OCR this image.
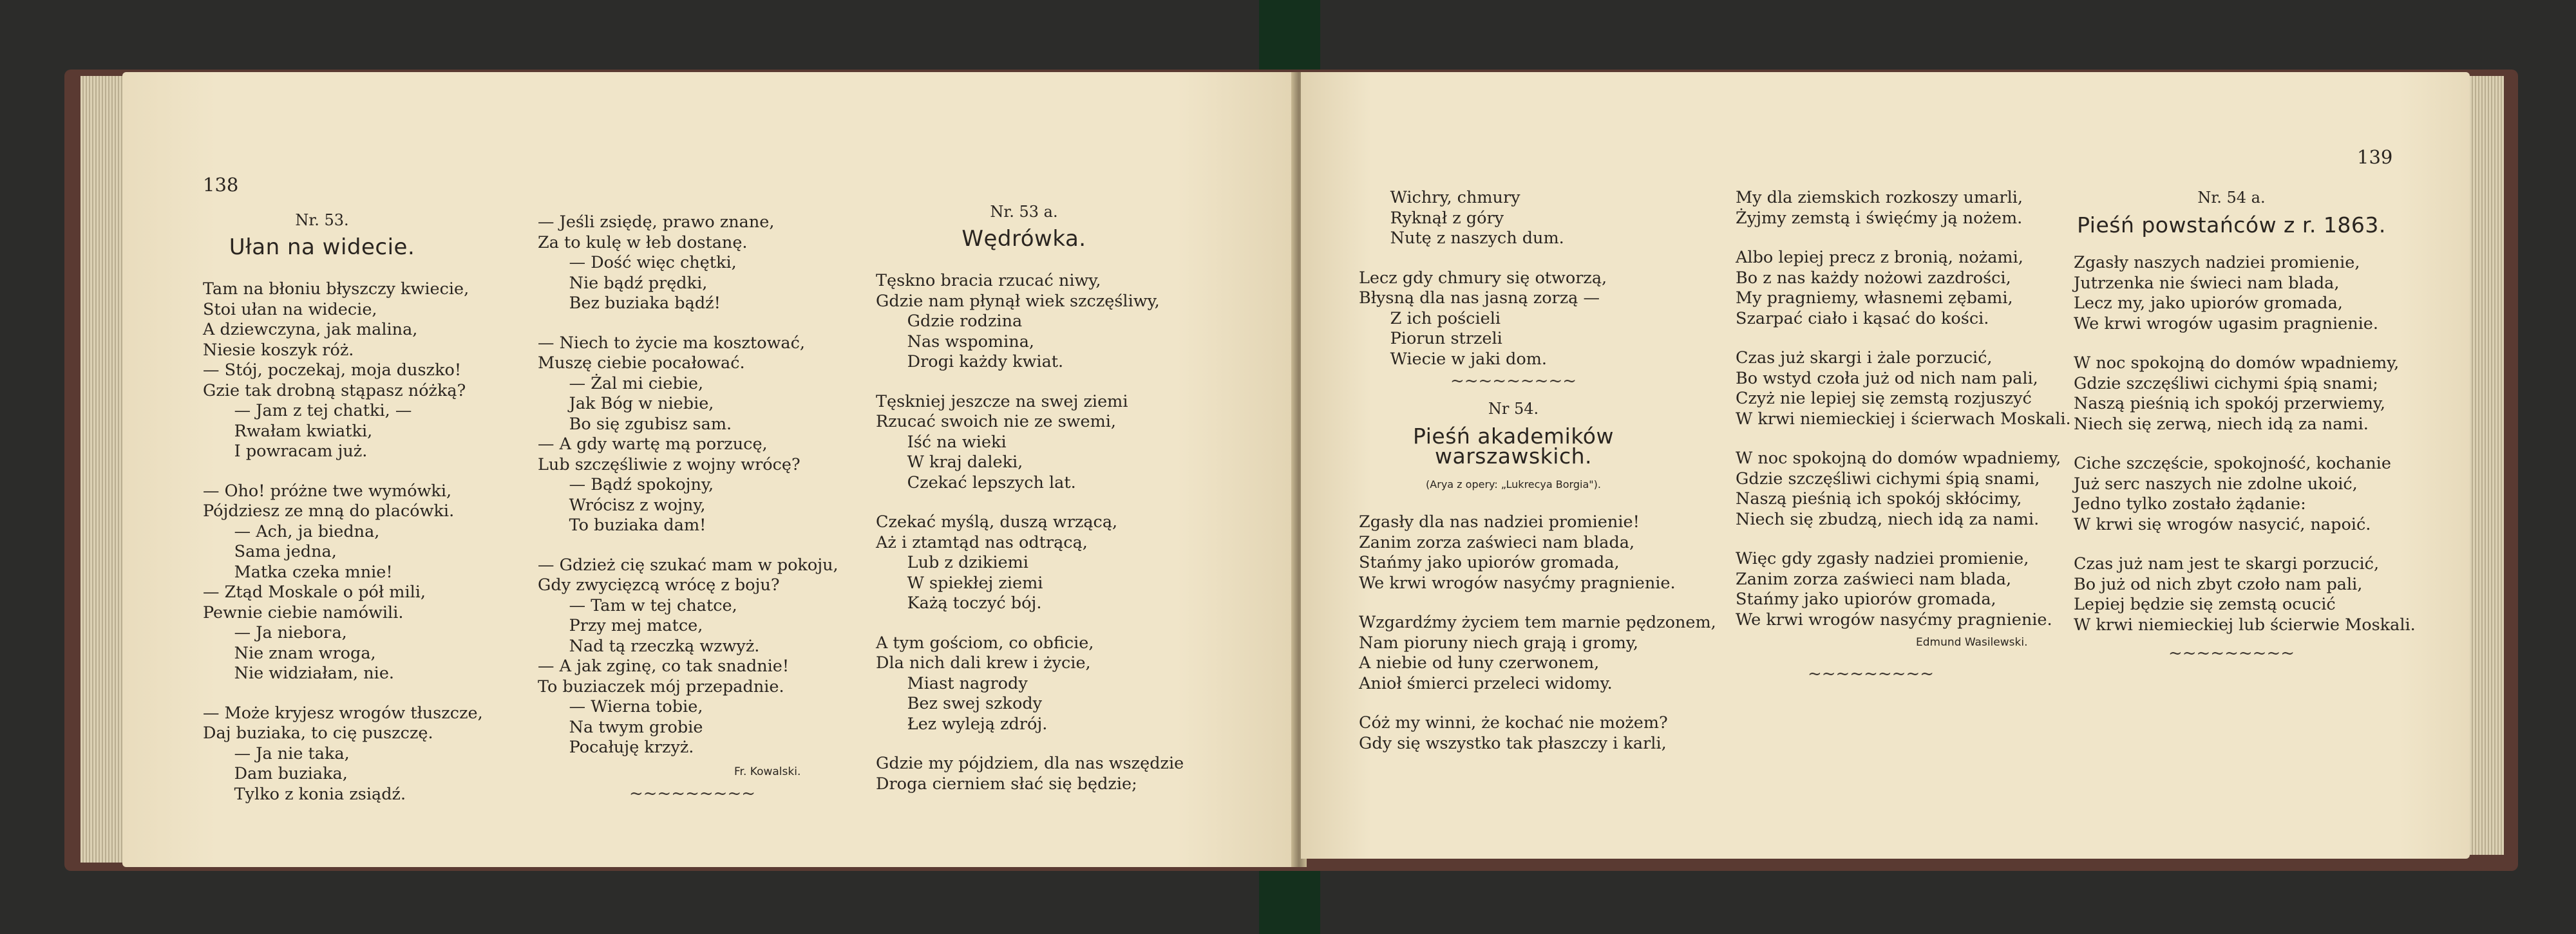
138

Nr. 53.

Ułan na widecie.

Tam na błoniu błyszczy kwiecie,
Stoi ułan na widecie,
A dziewczyna, jak malina,
Niesie koszyk róż.
— Stój, poczekaj, moja duszko!
Gzie tak drobną stąpasz nóżką?
— Jam z tej chatki, —
Rwałam kwiatki,
I powracam już.
— Oho! próżne twe wymówki,
Pójdziesz ze mną do placówki.
— Ach, ja biedna,
Sama jedna,
Matka czeka mnie!
— Ztąd Moskale o pół mili,
Pewnie ciebie namówili.
— Ja niebога,
Nie znam wroga,
Nie widziałam, nie.
— Może kryjesz wrogów tłuszcze,
Daj buziaka, to cię puszczę.
— Ja nie taka,
Dam buziaka,
Tylko z konia zsiądź.
— Jeśli zsiędę, prawo znane,
Za to kulę w łeb dostanę.
— Dość więc chętki,
Nie bądź prędki,
Bez buziaka bądź!
— Niech to życie ma kosztować,
Muszę ciebie pocałować.
— Żal mi ciebie,
Jak Bóg w niebie,
Bo się zgubisz sam.
— A gdy wartę mą porzucę,
Lub szczęśliwie z wojny wrócę?
— Bądź spokojny,
Wrócisz z wojny,
To buziaka dam!
— Gdzież cię szukać mam w pokoju,
Gdy zwycięzcą wrócę z boju?
— Tam w tej chatce,
Przy mej matce,
Nad tą rzeczką wzwyż.
— A jak zginę, co tak snadnie!
To buziaczek mój przepadnie.
— Wierna tobie,
Na twym grobie
Pocałuję krzyż.
Fr. Kowalski.
~~~~~~~~~

Nr. 53 a.

Wędrówka.

Tęskno bracia rzucać niwy,
Gdzie nam płynął wiek szczęśliwy,
Gdzie rodzina
Nas wspomina,
Drogi każdy kwiat.
Tęskniej jeszcze na swej ziemi
Rzucać swoich nie ze swemi,
Iść na wieki
W kraj daleki,
Czekać lepszych lat.
Czekać myślą, duszą wrzącą,
Aż i ztamtąd nas odtrącą,
Lub z dzikiemi
W spiekłej ziemi
Każą toczyć bój.
A tym gościom, co obficie,
Dla nich dali krew i życie,
Miast nagrody
Bez swej szkody
Łez wyleją zdrój.
Gdzie my pójdziem, dla nas wszędzie
Droga cierniem słać się będzie;
139
Wichry, chmury
Ryknął z góry
Nutę z naszych dum.
Lecz gdy chmury się otworzą,
Błysną dla nas jasną zorzą —
Z ich pościeli
Piorun strzeli
Wiecie w jaki dom.
~~~~~~~~~

Nr 54.

Pieśń akademików warszawskich.

(Arya z opery: „Lukrecya Borgia").

Zgasły dla nas nadziei promienie!
Zanim zorza zaświeci nam blada,
Stańmy jako upiorów gromada,
We krwi wrogów nasyćmy pragnienie.
Wzgardźmy życiem tem marnie pędzonem,
Nam pioruny niech grają i gromy,
A niebie od łuny czerwonem,
Anioł śmierci przeleci widomy.
Cóż my winni, że kochać nie możem?
Gdy się wszystko tak płaszczy i karli,
My dla ziemskich rozkoszy umarli,
Żyjmy zemstą i święćmy ją nożem.
Albo lepiej precz z bronią, nożami,
Bo z nas każdy nożowi zazdrości,
My pragniemy, własnemi zębami,
Szarpać ciało i kąsać do kości.
Czas już skargi i żale porzucić,
Bo wstyd czoła już od nich nam pali,
Czyż nie lepiej się zemstą rozjuszyć
W krwi niemieckiej i ścierwach Moskali.
W noc spokojną do domów wpadniemy,
Gdzie szczęśliwi cichymi śpią snami,
Naszą pieśnią ich spokój skłócimy,
Niech się zbudzą, niech idą za nami.
Więc gdy zgasły nadziei promienie,
Zanim zorza zaświeci nam blada,
Stańmy jako upiorów gromada,
We krwi wrogów nasyćmy pragnienie.
Edmund Wasilewski.
~~~~~~~~~

Nr. 54 a.

Pieśń powstańców z r. 1863.

Zgasły naszych nadziei promienie,
Jutrzenka nie świeci nam blada,
Lecz my, jako upiorów gromada,
We krwi wrogów ugasim pragnienie.
W noc spokojną do domów wpadniemy,
Gdzie szczęśliwi cichymi śpią snami;
Naszą pieśnią ich spokój przerwiemy,
Niech się zerwą, niech idą za nami.
Ciche szczęście, spokojność, kochanie
Już serc naszych nie zdolne ukoić,
Jedno tylko zostało żądanie:
W krwi się wrogów nasycić, napoić.
Czas już nam jest te skargi porzucić,
Bo już od nich zbyt czoło nam pali,
Lepiej będzie się zemstą ocucić
W krwi niemieckiej lub ścierwie Moskali.
~~~~~~~~~
